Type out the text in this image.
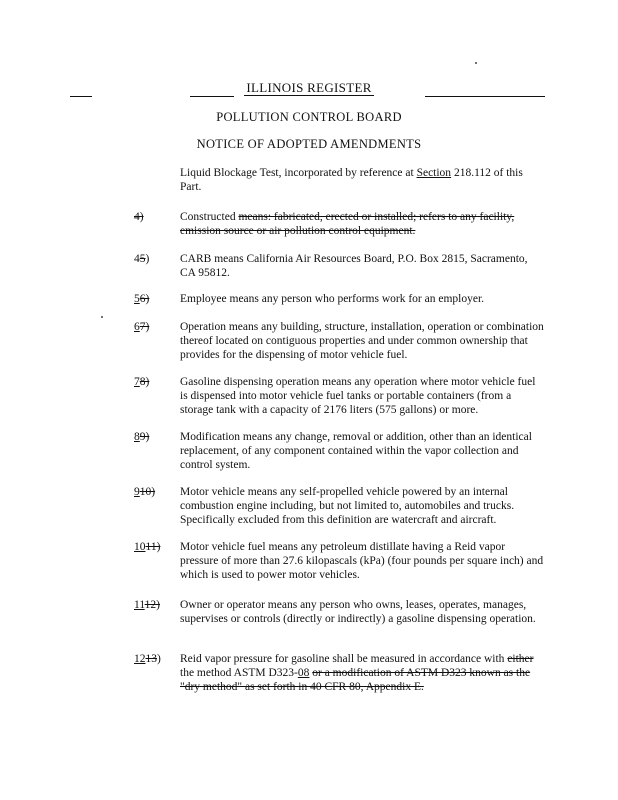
ILLINOIS REGISTER
POLLUTION CONTROL BOARD
NOTICE OF ADOPTED AMENDMENTS
Liquid Blockage Test, incorporated by reference at Section 218.112 of this Part.
4)	Constructed means: fabricated, erected or installed; refers to any facility, emission source or air pollution control equipment.
45)	CARB means California Air Resources Board, P.O. Box 2815, Sacramento, CA 95812.
56)	Employee means any person who performs work for an employer.
67)	Operation means any building, structure, installation, operation or combination thereof located on contiguous properties and under common ownership that provides for the dispensing of motor vehicle fuel.
78)	Gasoline dispensing operation means any operation where motor vehicle fuel is dispensed into motor vehicle fuel tanks or portable containers (from a storage tank with a capacity of 2176 liters (575 gallons) or more.
89)	Modification means any change, removal or addition, other than an identical replacement, of any component contained within the vapor collection and control system.
910)	Motor vehicle means any self-propelled vehicle powered by an internal combustion engine including, but not limited to, automobiles and trucks. Specifically excluded from this definition are watercraft and aircraft.
1011)	Motor vehicle fuel means any petroleum distillate having a Reid vapor pressure of more than 27.6 kilopascals (kPa) (four pounds per square inch) and which is used to power motor vehicles.
1112)	Owner or operator means any person who owns, leases, operates, manages, supervises or controls (directly or indirectly) a gasoline dispensing operation.
1213)	Reid vapor pressure for gasoline shall be measured in accordance with either the method ASTM D323-08 or a modification of ASTM D323 known as the "dry method" as set forth in 40 CFR 80, Appendix E.
